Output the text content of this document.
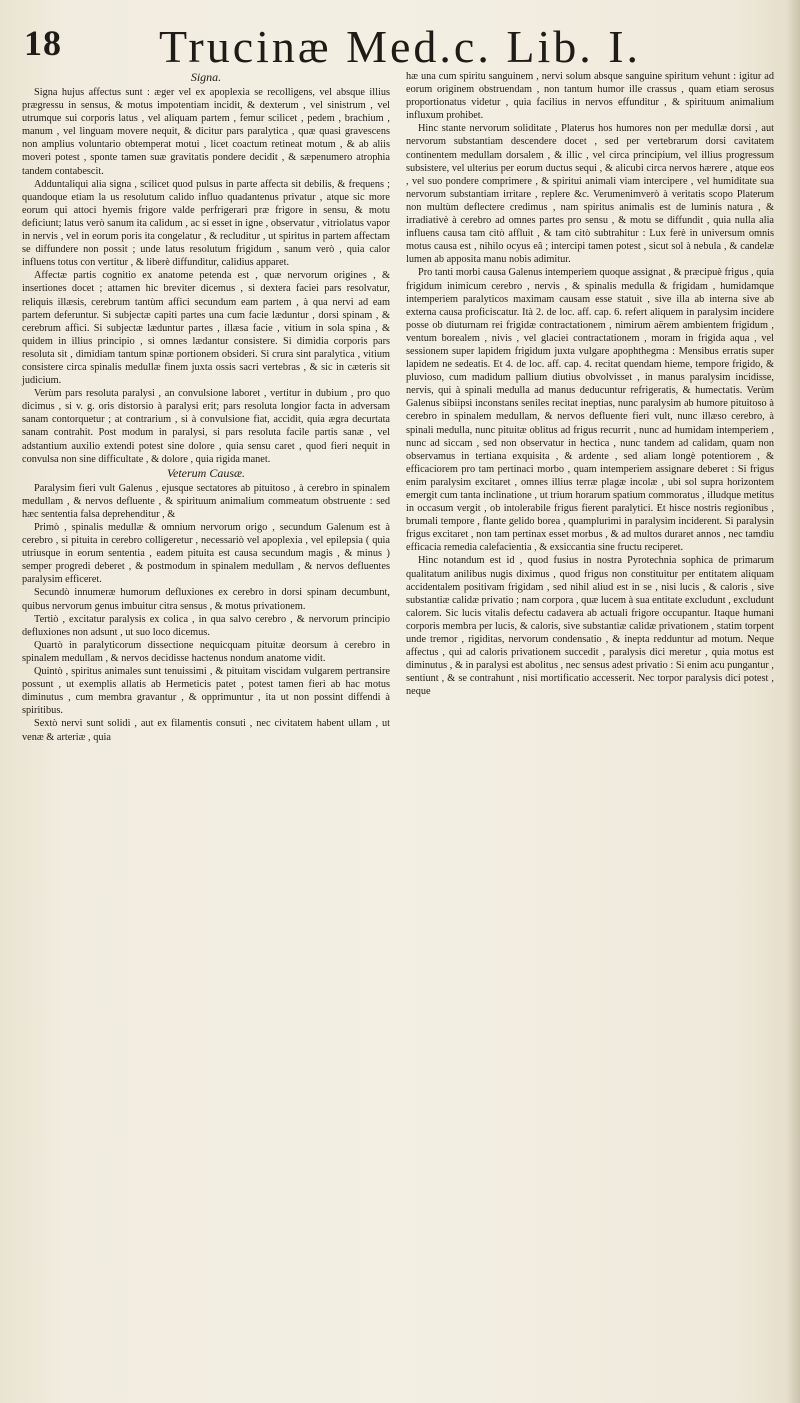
18	Trucinæ Med.c. Lib. I.
Signa.

Signa hujus affectus sunt : æger vel ex apoplexia se recolligens, vel absque illius prægressu in sensus, & motus impotentiam incidit, & dexterum , vel sinistrum , vel utrumque sui corporis latus , vel aliquam partem , femur scilicet , pedem , brachium , manum , vel linguam movere nequit, & dicitur pars paralytica , quæ quasi gravescens non amplius voluntario obtemperat motui , licet coactum retineat motum , & ab aliis moveri potest , sponte tamen suæ gravitatis pondere decidit , & sæpenumero atrophia tandem contabescit.

Adduntaliqui alia signa , scilicet quod pulsus in parte affecta sit debilis, & frequens ; quandoque etiam la us resolutum calido influo quadantenus privatur , atque sic more eorum qui attoci hyemis frigore valde perfrigerari præ frigore in sensu, & motu deficiunt; latus verò sanum ita calidum , ac si esset in igne , observatur , vitriolatus vapor in nervis , vel in eorum poris ita congelatur , & recluditur , ut spiritus in partem affectam se diffundere non possit ; unde latus resolutum frigidum , sanum verò , quia calor influens totus con vertitur , & liberè diffunditur, calidius apparet.

Affectæ partis cognitio ex anatome petenda est , quæ nervorum origines , & insertiones docet ; attamen hic breviter dicemus , si dextera faciei pars resolvatur, reliquis illæsis, cerebrum tantùm affici secundum eam partem , à qua nervi ad eam partem deferuntur. Si subjectæ capiti partes una cum facie læduntur , dorsi spinam , & cerebrum affici. Si subjectæ læduntur partes , illæsa facie , vitium in sola spina , & quidem in illius principio , si omnes lædantur consistere. Si dimidia corporis pars resoluta sit , dimidiam tantum spinæ portionem obsideri. Si crura sint paralytica , vitium consistere circa spinalis medullæ finem juxta ossis sacri vertebras , & sic in cæteris sit judicium.

Verùm pars resoluta paralysi , an convulsione laboret , vertitur in dubium , pro quo dicimus , si v. g. oris distorsio à paralysi erit; pars resoluta longior facta in adversam sanam contorquetur ; at contrarium , si à convulsione fiat, accidit, quia ægra decurtata sanam contrahit. Post modum in paralysi, si pars resoluta facile partis sanæ , vel adstantium auxilio extendi potest sine dolore , quia sensu caret , quod fieri nequit in convulsa non sine difficultate , & dolore , quia rigida manet.

Veterum Causæ.

Paralysim fieri vult Galenus , ejusque sectatores ab pituitoso , à cerebro in spinalem medullam , & nervos defluente , & spirituum animalium commeatum obstruente : sed hæc sententia falsa deprehenditur , &

Primò , spinalis medullæ & omnium nervorum origo , secundum Galenum est à cerebro , si pituita in cerebro colligeretur , necessariò vel apoplexia , vel epilepsia ( quia utriusque in eorum sententia , eadem pituita est causa secundum magis , & minus ) semper progredi deberet , & postmodum in spinalem medullam , & nervos defluentes paralysim efficeret.

Secundò innumeræ humorum defluxiones ex cerebro in dorsi spinam decumbunt, quibus nervorum genus imbuitur citra sensus , & motus privationem.

Tertiò , excitatur paralysis ex colica , in qua salvo cerebro , & nervorum principio defluxiones non adsunt , ut suo loco dicemus.

Quartò in paralyticorum dissectione nequicquam pituitæ deorsum à cerebro in spinalem medullam , & nervos decidisse hactenus nondum anatome vidit.

Quintò , spiritus animales sunt tenuissimi , & pituitam viscidam vulgarem pertransire possunt , ut exemplis allatis ab Hermeticis patet , potest tamen fieri ab hac motus diminutus , cum membra gravantur , & opprimuntur , ita ut non possint diffendi à spiritibus.

Sextò nervi sunt solidi , aut ex filamentis consuti , nec civitatem habent ullam , ut venæ & arteriæ , quia

hæ una cum spiritu sanguinem , nervi solum absque sanguine spiritum vehunt : igitur ad eorum originem obstruendam , non tantum humor ille crassus , quam etiam serosus proportionatus videtur , quia facilius in nervos effunditur , & spirituum animalium influxum prohibet.

Hinc stante nervorum soliditate , Platerus hos humores non per medullæ dorsi , aut nervorum substantiam descendere docet , sed per vertebrarum dorsi cavitatem continentem medullam dorsalem , & illic , vel circa principium, vel illius progressum subsistere, vel ulterius per eorum ductus sequi , & alicubi circa nervos hærere , atque eos , vel suo pondere comprimere , & spiritui animali viam intercipere , vel humiditate sua nervorum substantiam irritare , replere &c. Verumenimverò à veritatis scopo Platerum non multùm deflectere credimus , nam spiritus animalis est de luminis natura , & irradiativè à cerebro ad omnes partes pro sensu , & motu se diffundit , quia nulla alia influens causa tam citò affluit , & tam citò subtrahitur : Lux ferè in universum omnis motus causa est , nihilo ocyus eâ ; intercipi tamen potest , sicut sol à nebula , & candelæ lumen ab apposita manu nobis adimitur.

Pro tanti morbi causa Galenus intemperiem quoque assignat , & præcipuè frigus , quia frigidum inimicum cerebro , nervis , & spinalis medulla & frigidam , humidamque intemperiem paralyticos maximam causam esse statuit , sive illa ab interna sive ab externa causa proficiscatur. Ità 2. de loc. aff. cap. 6. refert aliquem in paralysim incidere posse ob diuturnam rei frigidæ contractationem , nimirum aërem ambientem frigidum , ventum borealem , nivis , vel glaciei contractationem , moram in frigida aqua , vel sessionem super lapidem frigidum juxta vulgare apophthegma : Mensibus erratis super lapidem ne sedeatis. Et 4. de loc. aff. cap. 4. recitat quendam hieme, tempore frigido, & pluvioso, cum madidum pallium diutius obvolvisset , in manus paralysim incidisse, nervis, qui à spinali medulla ad manus deducuntur refrigeratis, & humectatis. Verùm Galenus sibiipsi inconstans seniles recitat ineptias, nunc paralysim ab humore pituitoso à cerebro in spinalem medullam, & nervos defluente fieri vult, nunc illæso cerebro, à spinali medulla, nunc pituitæ oblitus ad frigus recurrit , nunc ad humidam intemperiem , nunc ad siccam , sed non observatur in hectica , nunc tandem ad calidam, quam non observamus in tertiana exquisita , & ardente , sed aliam longè potentiorem , & efficaciorem pro tam pertinaci morbo , quam intemperiem assignare deberet : Si frigus enim paralysim excitaret , omnes illius terræ plagæ incolæ , ubi sol supra horizontem emergit cum tanta inclinatione , ut trium horarum spatium commoratus , illudque metitus in occasum vergit , ob intolerabile frigus fierent paralytici. Et hisce nostris regionibus , brumali tempore , flante gelido borea , quamplurimi in paralysim inciderent. Si paralysin frigus excitaret , non tam pertinax esset morbus , & ad multos duraret annos , nec tamdiu efficacia remedia calefacientia , & exsiccantia sine fructu reciperet.

Hinc notandum est id , quod fusius in nostra Pyrotechnia sophica de primarum qualitatum anilibus nugis diximus , quod frigus non constituitur per entitatem aliquam accidentalem positivam frigidam , sed nihil aliud est in se , nisi lucis , & caloris , sive substantiæ calidæ privatio ; nam corpora , quæ lucem à sua entitate excludunt , excludunt calorem. Sic lucis vitalis defectu cadavera ab actuali frigore occupantur. Itaque humani corporis membra per lucis, & caloris, sive substantiæ calidæ privationem , statim torpent unde tremor , rigiditas, nervorum condensatio , & inepta redduntur ad motum. Neque affectus , qui ad caloris privationem succedit , paralysis dici meretur , quia motus est diminutus , & in paralysi est abolitus , nec sensus adest privatio : Si enim acu pungantur , sentiunt , & se contrahunt , nisi mortificatio accesserit. Nec torpor paralysis dici potest , neque
